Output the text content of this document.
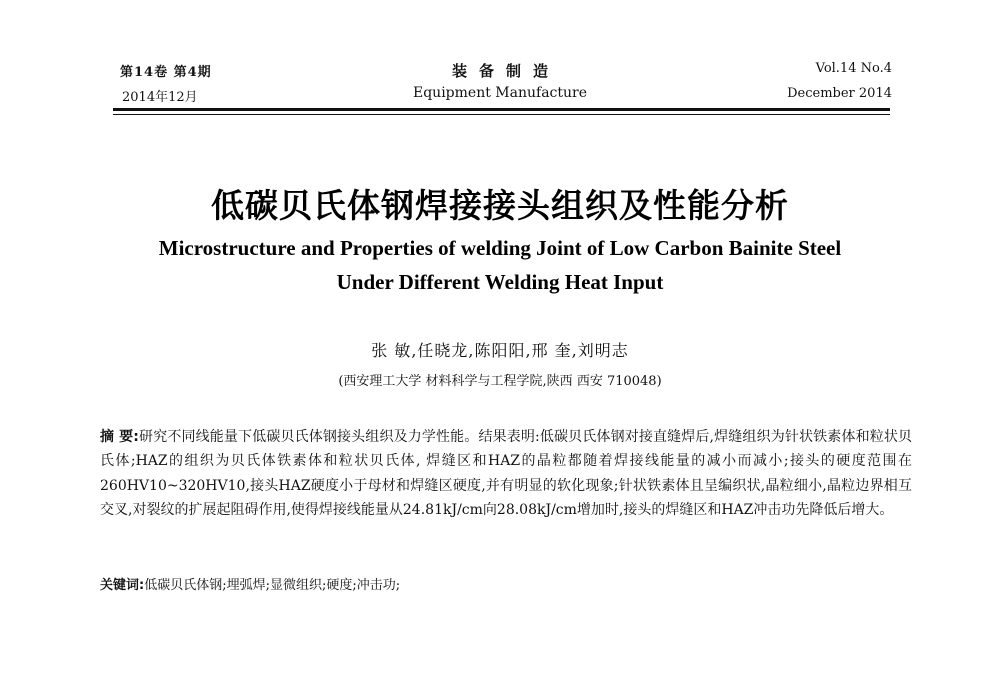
第14卷 第4期
2014年12月
装备制造
Equipment Manufacture
Vol.14 No.4
December 2014
低碳贝氏体钢焊接接头组织及性能分析
Microstructure and Properties of welding Joint of Low Carbon Bainite Steel
Under Different Welding Heat Input
张 敏,任晓龙,陈阳阳,邢 奎,刘明志
(西安理工大学 材料科学与工程学院,陕西 西安 710048)
摘 要:研究不同线能量下低碳贝氏体钢接头组织及力学性能。结果表明:低碳贝氏体钢对接直缝焊后,焊缝组织为针状铁素体和粒状贝氏体;HAZ的组织为贝氏体铁素体和粒状贝氏体, 焊缝区和HAZ的晶粒都随着焊接线能量的减小而减小;接头的硬度范围在260HV10~320HV10,接头HAZ硬度小于母材和焊缝区硬度,并有明显的软化现象;针状铁素体且呈编织状,晶粒细小,晶粒边界相互交叉,对裂纹的扩展起阻碍作用,使得焊接线能量从24.81kJ/cm向28.08kJ/cm增加时,接头的焊缝区和HAZ冲击功先降低后增大。
关键词:低碳贝氏体钢;埋弧焊;显微组织;硬度;冲击功;
